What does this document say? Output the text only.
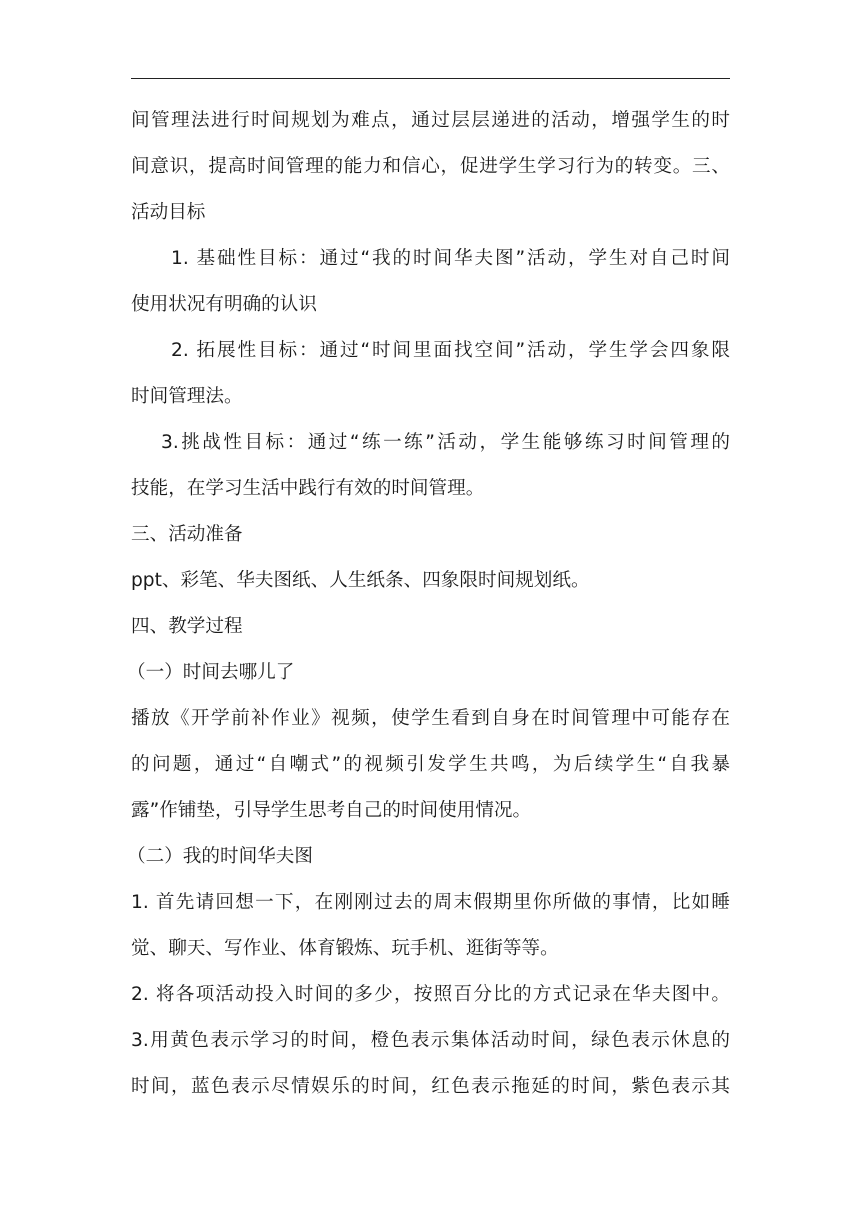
间管理法进行时间规划为难点，通过层层递进的活动，增强学生的时
间意识，提高时间管理的能力和信心，促进学生学习行为的转变。三、
活动目标
1. 基础性目标：通过“我的时间华夫图”活动，学生对自己时间
使用状况有明确的认识
2. 拓展性目标：通过“时间里面找空间”活动，学生学会四象限
时间管理法。
3.挑战性目标：通过“练一练”活动，学生能够练习时间管理的
技能，在学习生活中践行有效的时间管理。
三、活动准备
ppt、彩笔、华夫图纸、人生纸条、四象限时间规划纸。
四、教学过程
（一）时间去哪儿了
播放《开学前补作业》视频，使学生看到自身在时间管理中可能存在
的问题，通过“自嘲式”的视频引发学生共鸣，为后续学生“自我暴
露”作铺垫，引导学生思考自己的时间使用情况。
（二）我的时间华夫图
1. 首先请回想一下，在刚刚过去的周末假期里你所做的事情，比如睡
觉、聊天、写作业、体育锻炼、玩手机、逛街等等。
2. 将各项活动投入时间的多少，按照百分比的方式记录在华夫图中。
3.用黄色表示学习的时间，橙色表示集体活动时间，绿色表示休息的
时间，蓝色表示尽情娱乐的时间，红色表示拖延的时间，紫色表示其
